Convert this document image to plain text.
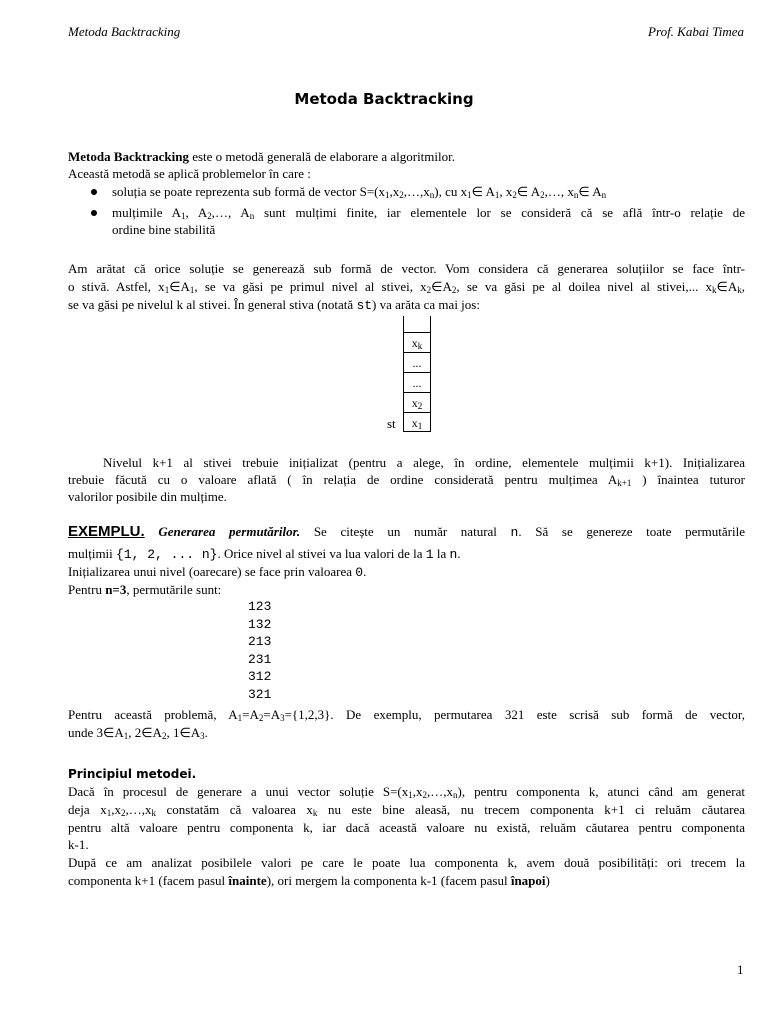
Metoda Backtracking	Prof. Kabai Timea
Metoda Backtracking
Metoda Backtracking este o metodă generală de elaborare a algoritmilor.
Această metodă se aplică problemelor în care :
soluția se poate reprezenta sub formă de vector $S=(x_1,x_2,\dots,x_n)$, cu $x_1\in$ $A_1$, $x_2\in$ $A_2,\dots$, $x_n\in$ $A_n$
mulțimile $A_1$, $A_2,\dots$, $A_n$ sunt mulțimi finite, iar elementele lor se consideră că se află într-o relație de
ordine bine stabilită
Am arătat că orice soluție se generează sub formă de vector. Vom considera că generarea soluțiilor se face într-
o stivă. Astfel, $x_1\in A_1$, se va găsi pe primul nivel al stivei, $x_2\in A_2$, se va găsi pe al doilea nivel al stivei,... $x_k\in A_k$,
se va găsi pe nivelul k al stivei. În general stiva (notată st) va arăta ca mai jos:
$x_k$
...
...
$x_2$
$x_1$
st
Nivelul k+1 al stivei trebuie inițializat (pentru a alege, în ordine, elementele mulțimii k+1). Inițializarea
trebuie făcută cu o valoare aflată ( în relația de ordine considerată pentru mulțimea $A_{k+1}$ ) înaintea tuturor
valorilor posibile din mulțime.
EXEMPLU. Generarea permutărilor. Se citește un număr natural n. Să se genereze toate permutările
mulțimii {1, 2, ... n}. Orice nivel al stivei va lua valori de la 1 la n.
Inițializarea unui nivel (oarecare) se face prin valoarea 0.
Pentru n=3, permutările sunt:
123
132
213
231
312
321
Pentru această problemă, $A_1=A_2=A_3=\{1,2,3\}$. De exemplu, permutarea 321 este scrisă sub formă de vector,
unde $3\in A_1$, $2\in A_2$, $1\in A_3$.
Principiul metodei.
Dacă în procesul de generare a unui vector soluție $S=(x_1,x_2,\dots,x_n)$, pentru componenta k, atunci când am generat
deja $x_1,x_2,\dots,x_k$ constatăm că valoarea $x_k$ nu este bine aleasă, nu trecem componenta k+1 ci reluăm căutarea
pentru altă valoare pentru componenta k, iar dacă această valoare nu există, reluăm căutarea pentru componenta
k-1.
După ce am analizat posibilele valori pe care le poate lua componenta k, avem două posibilități: ori trecem la
componenta k+1 (facem pasul înainte), ori mergem la componenta k-1 (facem pasul înapoi)
1
